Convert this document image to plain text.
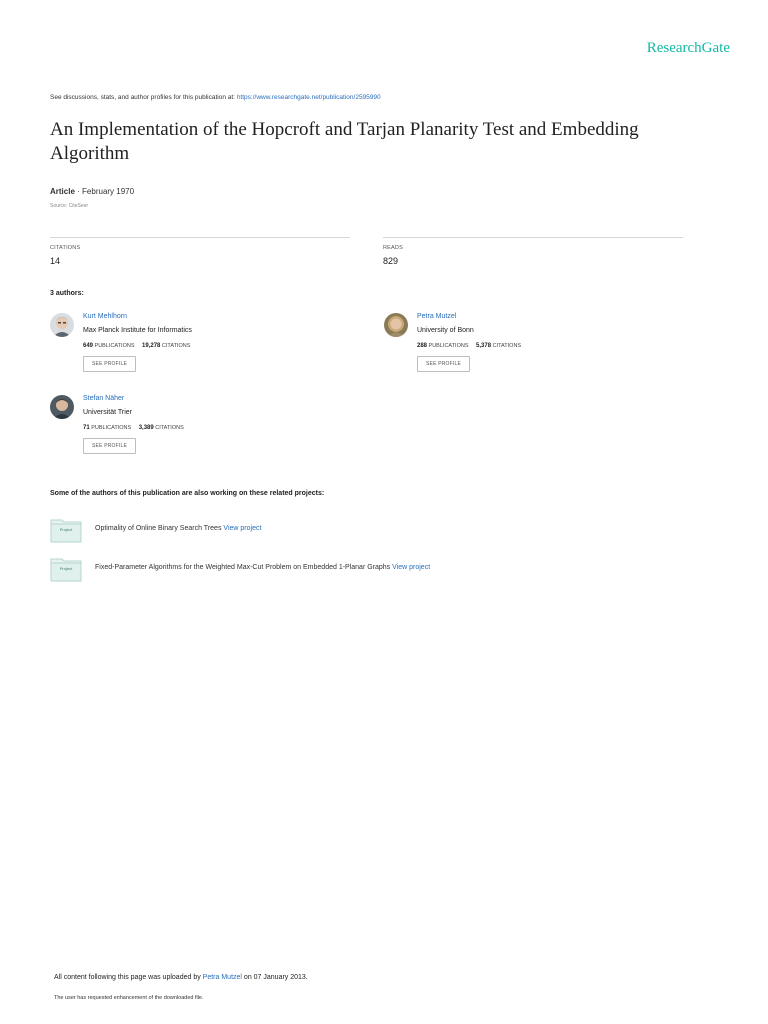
ResearchGate
See discussions, stats, and author profiles for this publication at: https://www.researchgate.net/publication/2595990
An Implementation of the Hopcroft and Tarjan Planarity Test and Embedding Algorithm
Article · February 1970
Source: CiteSeer
CITATIONS
14
READS
829
3 authors:
Kurt Mehlhorn
Max Planck Institute for Informatics
649 PUBLICATIONS 19,278 CITATIONS
SEE PROFILE
Petra Mutzel
University of Bonn
288 PUBLICATIONS 5,378 CITATIONS
SEE PROFILE
Stefan Näher
Universität Trier
71 PUBLICATIONS 3,389 CITATIONS
SEE PROFILE
Some of the authors of this publication are also working on these related projects:
Project	Optimality of Online Binary Search Trees View project
Project	Fixed-Parameter Algorithms for the Weighted Max-Cut Problem on Embedded 1-Planar Graphs View project
All content following this page was uploaded by Petra Mutzel on 07 January 2013.
The user has requested enhancement of the downloaded file.
